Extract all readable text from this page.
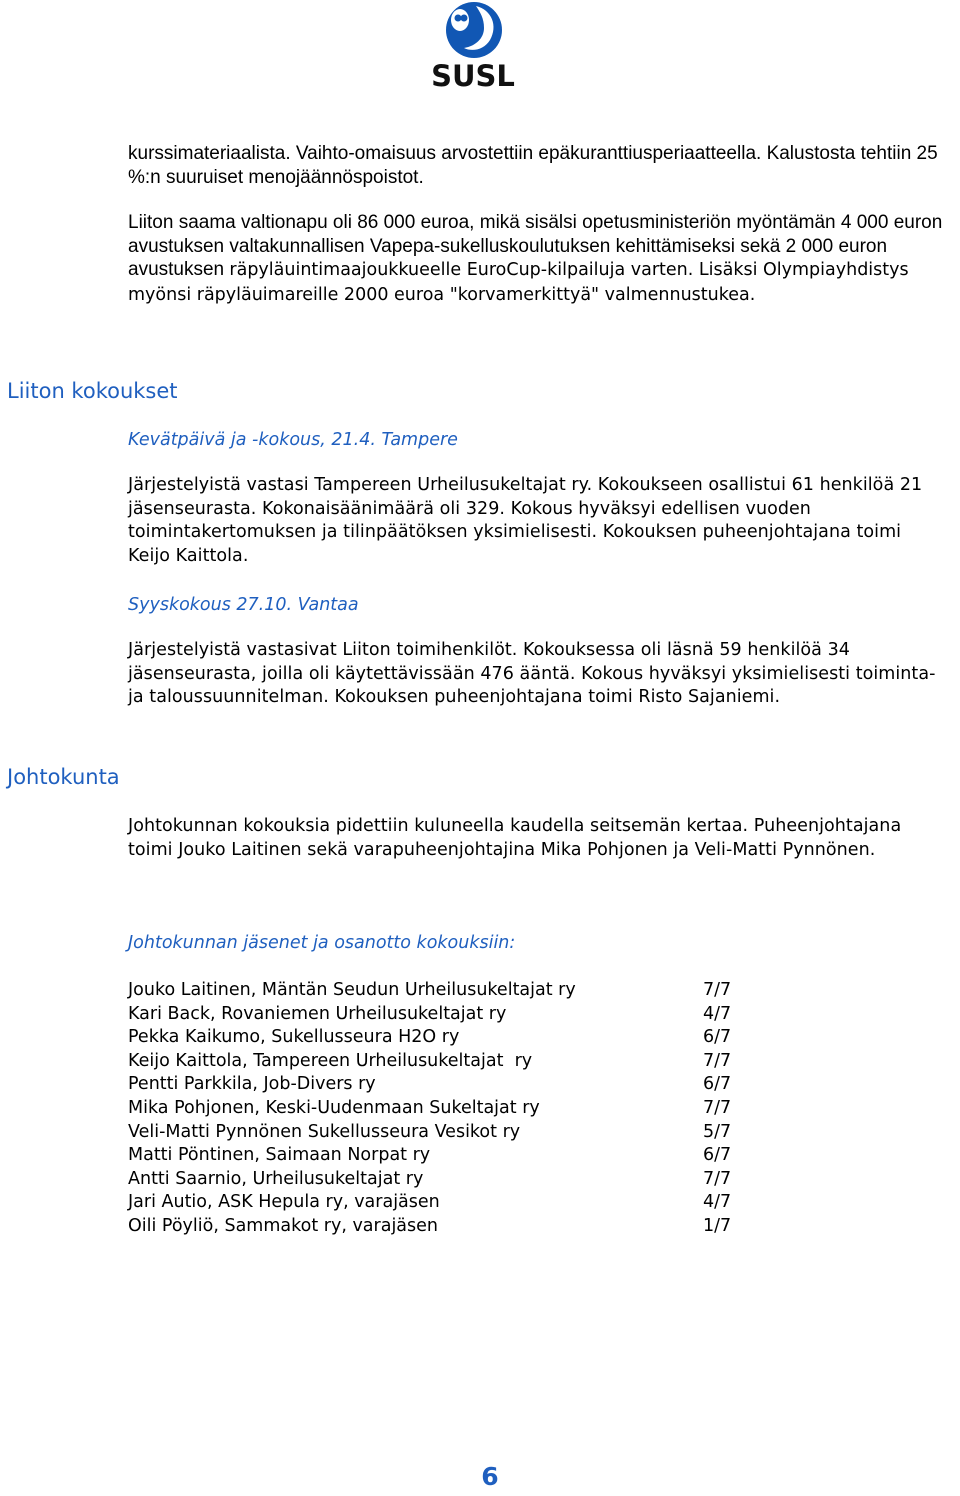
SUSL

kurssimateriaalista. Vaihto-omaisuus arvostettiin epäkuranttiusperiaatteella. Kalustosta tehtiin 25 %:n suuruiset menojäännöspoistot.

Liiton saama valtionapu oli 86 000 euroa, mikä sisälsi opetusministeriön myöntämän 4 000 euron avustuksen valtakunnallisen Vapepa-sukelluskoulutuksen kehittämiseksi sekä 2 000 euron avustuksen räpyläuintimaajoukkueelle EuroCup-kilpailuja varten. Lisäksi Olympiayhdistys myönsi räpyläuimareille 2000 euroa "korvamerkittyä" valmennustukea.

Liiton kokoukset
Kevätpäivä ja -kokous, 21.4. Tampere

Järjestelyistä vastasi Tampereen Urheilusukeltajat ry. Kokoukseen osallistui 61 henkilöä 21 jäsenseurasta. Kokonaisäänimäärä oli 329. Kokous hyväksyi edellisen vuoden toimintakertomuksen ja tilinpäätöksen yksimielisesti. Kokouksen puheenjohtajana toimi Keijo Kaittola.

Syyskokous 27.10. Vantaa

Järjestelyistä vastasivat Liiton toimihenkilöt. Kokouksessa oli läsnä 59 henkilöä 34 jäsenseurasta, joilla oli käytettävissään 476 ääntä. Kokous hyväksyi yksimielisesti toiminta- ja taloussuunnitelman. Kokouksen puheenjohtajana toimi Risto Sajaniemi.

Johtokunta

Johtokunnan kokouksia pidettiin kuluneella kaudella seitsemän kertaa. Puheenjohtajana toimi Jouko Laitinen sekä varapuheenjohtajina Mika Pohjonen ja Veli-Matti Pynnönen.

Johtokunnan jäsenet ja osanotto kokouksiin:
Jouko Laitinen, Mäntän Seudun Urheilusukeltajat ry	7/7
Kari Back, Rovaniemen Urheilusukeltajat ry	4/7
Pekka Kaikumo, Sukellusseura H2O ry	6/7
Keijo Kaittola, Tampereen Urheilusukeltajat  ry	7/7
Pentti Parkkila, Job-Divers ry	6/7
Mika Pohjonen, Keski-Uudenmaan Sukeltajat ry	7/7
Veli-Matti Pynnönen Sukellusseura Vesikot ry	5/7
Matti Pöntinen, Saimaan Norpat ry	6/7
Antti Saarnio, Urheilusukeltajat ry	7/7
Jari Autio, ASK Hepula ry, varajäsen	4/7
Oili Pöyliö, Sammakot ry, varajäsen	1/7
6
